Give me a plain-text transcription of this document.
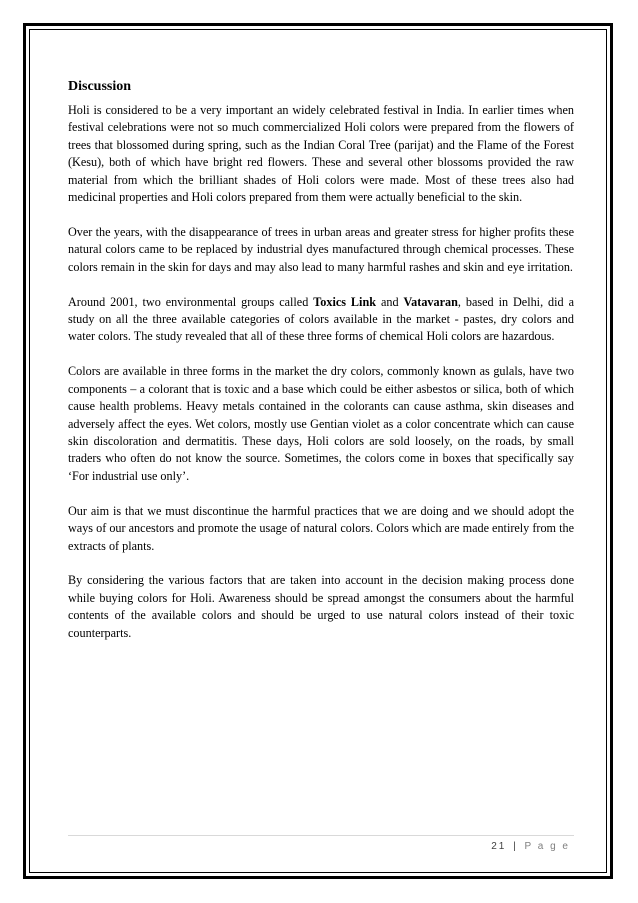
Discussion

Holi is considered to be a very important an widely celebrated festival in India. In earlier times when festival celebrations were not so much commercialized Holi colors were prepared from the flowers of trees that blossomed during spring, such as the Indian Coral Tree (parijat) and the Flame of the Forest (Kesu), both of which have bright red flowers. These and several other blossoms provided the raw material from which the brilliant shades of Holi colors were made. Most of these trees also had medicinal properties and Holi colors prepared from them were actually beneficial to the skin.

Over the years, with the disappearance of trees in urban areas and greater stress for higher profits these natural colors came to be replaced by industrial dyes manufactured through chemical processes. These colors remain in the skin for days and may also lead to many harmful rashes and skin and eye irritation.

Around 2001, two environmental groups called Toxics Link and Vatavaran, based in Delhi, did a study on all the three available categories of colors available in the market - pastes, dry colors and water colors. The study revealed that all of these three forms of chemical Holi colors are hazardous.

Colors are available in three forms in the market the dry colors, commonly known as gulals, have two components – a colorant that is toxic and a base which could be either asbestos or silica, both of which cause health problems. Heavy metals contained in the colorants can cause asthma, skin diseases and adversely affect the eyes. Wet colors, mostly use Gentian violet as a color concentrate which can cause skin discoloration and dermatitis. These days, Holi colors are sold loosely, on the roads, by small traders who often do not know the source. Sometimes, the colors come in boxes that specifically say ‘For industrial use only’.

Our aim is that we must discontinue the harmful practices that we are doing and we should adopt the ways of our ancestors and promote the usage of natural colors. Colors which are made entirely from the extracts of plants.

By considering the various factors that are taken into account in the decision making process done while buying colors for Holi. Awareness should be spread amongst the consumers about the harmful contents of the available colors and should be urged to use natural colors instead of their toxic counterparts.

21 | P a g e
